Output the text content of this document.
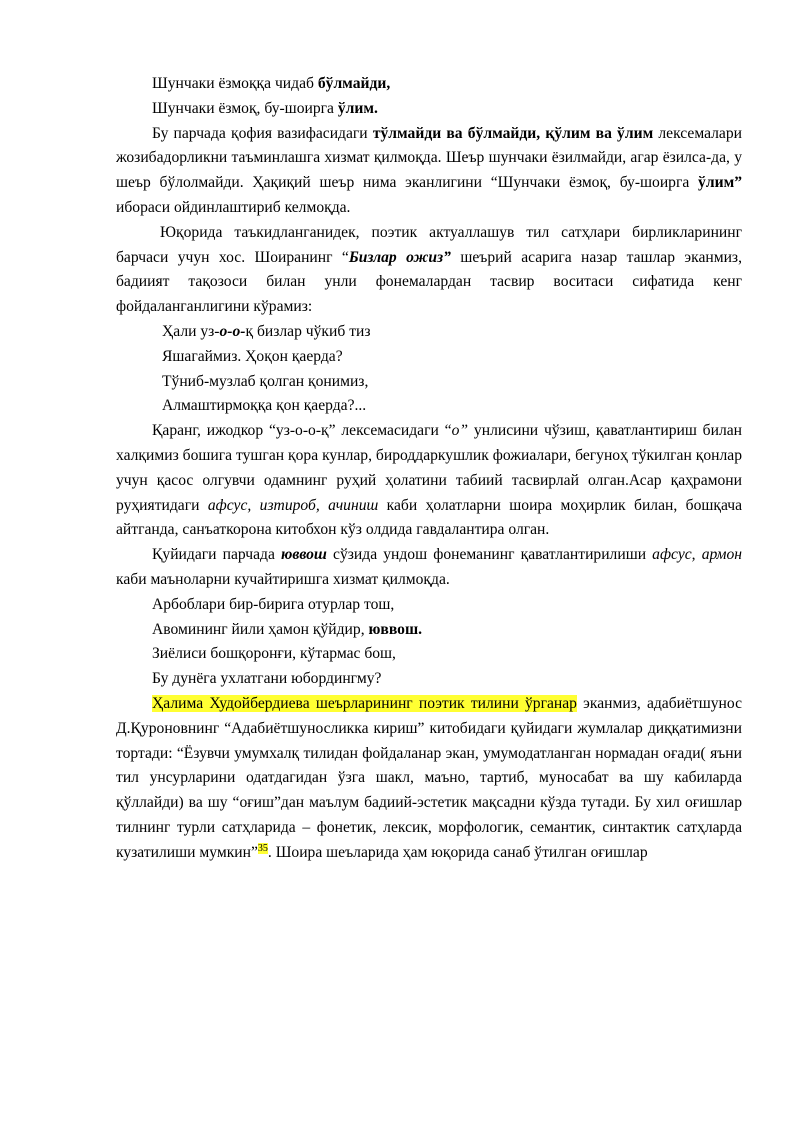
Шунчаки ёзмоққа чидаб бўлмайди,
Шунчаки ёзмоқ, бу-шоирга ўлим.
Бу парчада қофия вазифасидаги тўлмайди ва бўлмайди, қўлим ва ўлим лексемалари жозибадорликни таъминлашга хизмат қилмоқда. Шеър шунчаки ёзилмайди, агар ёзилса-да, у шеър бўлолмайди. Ҳақиқий шеър нима эканлигини “Шунчаки ёзмоқ, бу-шоирга ўлим” ибораси ойдинлаштириб келмоқда.
Юқорида таъкидланганидек, поэтик актуаллашув тил сатҳлари бирликларининг барчаси учун хос. Шоиранинг “Бизлар ожиз” шеърий асарига назар ташлар эканмиз, бадиият тақозоси билан унли фонемалардан тасвир воситаси сифатида кенг фойдаланганлигини кўрамиз:
Ҳали уз-о-о-қ бизлар чўкиб тиз
Яшагаймиз. Ҳоқон қаерда?
Тўниб-музлаб қолган қонимиз,
Алмаштирмоққа қон қаерда?...
Қаранг, ижодкор “уз-о-о-қ” лексемасидаги “о” унлисини чўзиш, қаватлантириш билан халқимиз бошига тушган қора кунлар, бироддаркушлик фожиалари, бегуноҳ тўкилган қонлар учун қасос олгувчи одамнинг руҳий ҳолатини табиий тасвирлай олган.Асар қаҳрамони руҳиятидаги афсус, изтироб, ачиниш каби ҳолатларни шоира моҳирлик билан, бошқача айтганда, санъаткорона китобхон кўз олдида гавдалантира олган.
Қуйидаги парчада юввош сўзида ундош фонеманинг қаватлантирилиши афсус, армон каби маъноларни кучайтиришга хизмат қилмоқда.
Арбоблари бир-бирига отурлар тош,
Авомининг йили ҳамон қўйдир, юввош.
Зиёлиси бошқоронғи, кўтармас бош,
Бу дунёга ухлатгани юбордингму?
Ҳалима Худойбердиева шеърларининг поэтик тилини ўрганар эканмиз, адабиётшунос Д.Қуроновнинг “Адабиётшуносликка кириш” китобидаги қуйидаги жумлалар диққатимизни тортади: “Ёзувчи умумхалқ тилидан фойдаланар экан, умумодатланган нормадан оғади( яъни тил унсурларини одатдагидан ўзга шакл, маъно, тартиб, муносабат ва шу кабиларда қўллайди) ва шу “оғиш”дан маълум бадиий-эстетик мақсадни кўзда тутади. Бу хил оғишлар тилнинг турли сатҳларида – фонетик, лексик, морфологик, семантик, синтактик сатҳларда кузатилиши мумкин”$^{35}$. Шоира шеъларида ҳам юқорида санаб ўтилган оғишлар
